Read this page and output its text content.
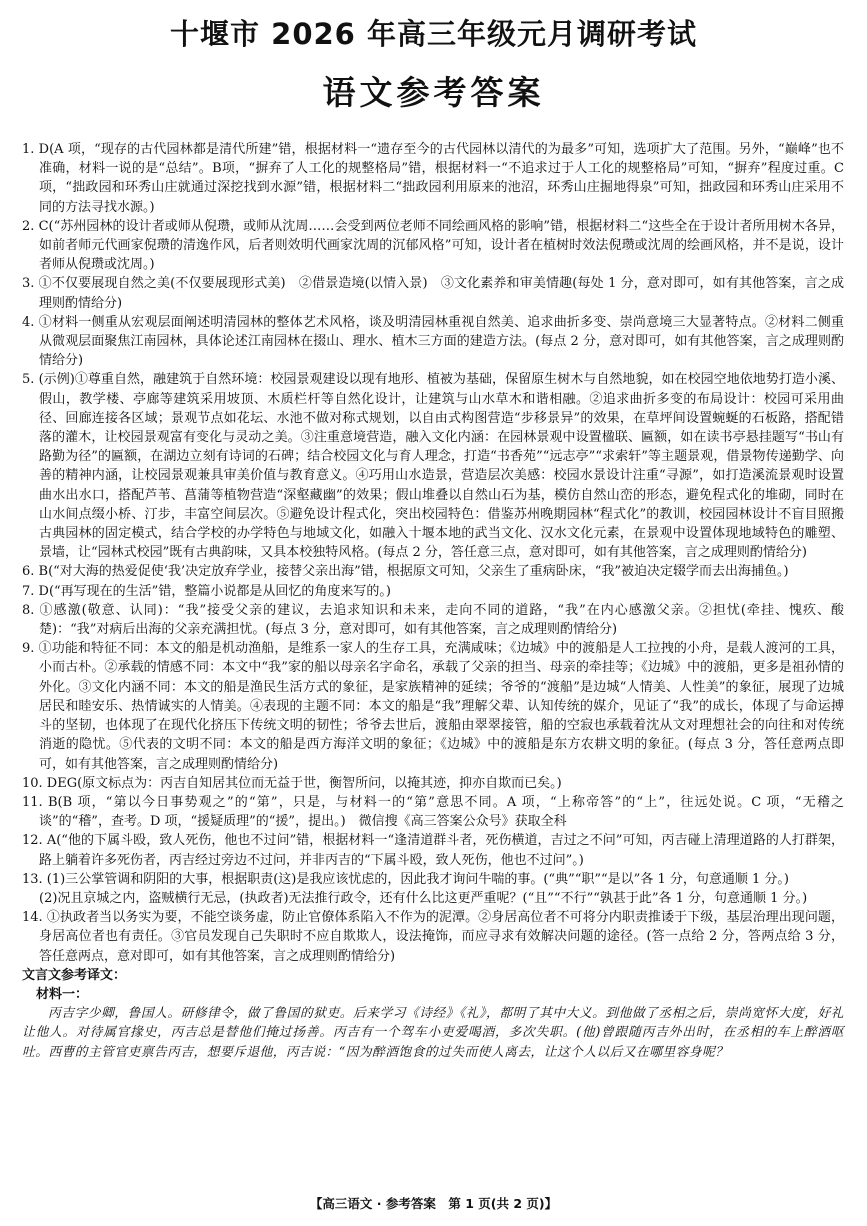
十堰市 2026 年高三年级元月调研考试
语文参考答案

1. D(A 项，“现存的古代园林都是清代所建”错，根据材料一“遗存至今的古代园林以清代的为最多”可知，选项扩大了范围。另外，“巅峰”也不准确，材料一说的是“总结”。B项，“摒弃了人工化的规整格局”错，根据材料一“不追求过于人工化的规整格局”可知，“摒弃”程度过重。C 项，“拙政园和环秀山庄就通过深挖找到水源”错，根据材料二“拙政园利用原来的池沼，环秀山庄掘地得泉”可知，拙政园和环秀山庄采用不同的方法寻找水源。)

2. C(“苏州园林的设计者或师从倪瓒，或师从沈周……会受到两位老师不同绘画风格的影响”错，根据材料二“这些全在于设计者所用树木各异，如前者师元代画家倪瓒的清逸作风，后者则效明代画家沈周的沉郁风格”可知，设计者在植树时效法倪瓒或沈周的绘画风格，并不是说，设计者师从倪瓒或沈周。)

3. ①不仅要展现自然之美(不仅要展现形式美)　②借景造境(以情入景)　③文化素养和审美情趣(每处 1 分，意对即可，如有其他答案，言之成理则酌情给分)

4. ①材料一侧重从宏观层面阐述明清园林的整体艺术风格，谈及明清园林重视自然美、追求曲折多变、崇尚意境三大显著特点。②材料二侧重从微观层面聚焦江南园林，具体论述江南园林在掇山、理水、植木三方面的建造方法。(每点 2 分，意对即可，如有其他答案，言之成理则酌情给分)

5. (示例)①尊重自然，融建筑于自然环境：校园景观建设以现有地形、植被为基础，保留原生树木与自然地貌，如在校园空地依地势打造小溪、假山，教学楼、亭廊等建筑采用坡顶、木质栏杆等自然化设计，让建筑与山水草木和谐相融。②追求曲折多变的布局设计：校园可采用曲径、回廊连接各区域；景观节点如花坛、水池不做对称式规划，以自由式构图营造“步移景异”的效果，在草坪间设置蜿蜒的石板路，搭配错落的灌木，让校园景观富有变化与灵动之美。③注重意境营造，融入文化内涵：在园林景观中设置楹联、匾额，如在读书亭悬挂题写“书山有路勤为径”的匾额，在湖边立刻有诗词的石碑；结合校园文化与育人理念，打造“书香苑”“远志亭”“求索轩”等主题景观，借景物传递勤学、向善的精神内涵，让校园景观兼具审美价值与教育意义。④巧用山水造景，营造层次美感：校园水景设计注重“寻源”，如打造溪流景观时设置曲水出水口，搭配芦苇、菖蒲等植物营造“深壑藏幽”的效果；假山堆叠以自然山石为基，模仿自然山峦的形态，避免程式化的堆砌，同时在山水间点缀小桥、汀步，丰富空间层次。⑤避免设计程式化，突出校园特色：借鉴苏州晚期园林“程式化”的教训，校园园林设计不盲目照搬古典园林的固定模式，结合学校的办学特色与地域文化，如融入十堰本地的武当文化、汉水文化元素，在景观中设置体现地域特色的雕塑、景墙，让“园林式校园”既有古典韵味，又具本校独特风格。(每点 2 分，答任意三点，意对即可，如有其他答案，言之成理则酌情给分)

6. B(“对大海的热爱促使‘我’决定放弃学业，接替父亲出海”错，根据原文可知，父亲生了重病卧床，“我”被迫决定辍学而去出海捕鱼。)

7. D(“再写现在的生活”错，整篇小说都是从回忆的角度来写的。)

8. ①感激(敬意、认同)：“我”接受父亲的建议，去追求知识和未来，走向不同的道路，“我”在内心感激父亲。②担忧(牵挂、愧疚、酸楚)：“我”对病后出海的父亲充满担忧。(每点 3 分，意对即可，如有其他答案，言之成理则酌情给分)

9. ①功能和特征不同：本文的船是机动渔船，是维系一家人的生存工具，充满咸味；《边城》中的渡船是人工拉拽的小舟，是载人渡河的工具，小而古朴。②承载的情感不同：本文中“我”家的船以母亲名字命名，承载了父亲的担当、母亲的牵挂等；《边城》中的渡船，更多是祖孙情的外化。③文化内涵不同：本文的船是渔民生活方式的象征，是家族精神的延续；爷爷的“渡船”是边城“人情美、人性美”的象征，展现了边城居民和睦安乐、热情诚实的人情美。④表现的主题不同：本文的船是“我”理解父辈、认知传统的媒介，见证了“我”的成长，体现了与命运搏斗的坚韧，也体现了在现代化挤压下传统文明的韧性；爷爷去世后，渡船由翠翠接管，船的空寂也承载着沈从文对理想社会的向往和对传统消逝的隐忧。⑤代表的文明不同：本文的船是西方海洋文明的象征；《边城》中的渡船是东方农耕文明的象征。(每点 3 分，答任意两点即可，如有其他答案，言之成理则酌情给分)

10. DEG(原文标点为：丙吉自知居其位而无益于世，衡智所问，以掩其迹，抑亦自欺而已矣。)

11. B(B 项，“第以今日事势观之”的“第”，只是，与材料一的“第”意思不同。A 项，“上称帝答”的“上”，往远处说。C 项，“无稽之谈”的“稽”，查考。D 项，“援疑质理”的“援”，提出。)　微信搜《高三答案公众号》获取全科

12. A(“他的下属斗殴，致人死伤，他也不过问”错，根据材料一“逢清道群斗者，死伤横道，吉过之不问”可知，丙吉碰上清理道路的人打群架，路上躺着许多死伤者，丙吉经过旁边不过问，并非丙吉的“下属斗殴，致人死伤，他也不过问”。)

13. (1)三公掌管调和阴阳的大事，根据职责(这)是我应该忧虑的，因此我才询问牛喘的事。(“典”“职”“是以”各 1 分，句意通顺 1 分。)

(2)况且京城之内，盗贼横行无忌，(执政者)无法推行政令，还有什么比这更严重呢？(“且”“不行”“孰甚于此”各 1 分，句意通顺 1 分。)

14. ①执政者当以务实为要，不能空谈务虚，防止官僚体系陷入不作为的泥潭。②身居高位者不可将分内职责推诿于下级，基层治理出现问题，身居高位者也有责任。③官员发现自己失职时不应自欺欺人，设法掩饰，而应寻求有效解决问题的途径。(答一点给 2 分，答两点给 3 分，答任意两点，意对即可，如有其他答案，言之成理则酌情给分)

文言文参考译文：

材料一：

丙吉字少卿，鲁国人。研修律令，做了鲁国的狱吏。后来学习《诗经》《礼》，都明了其中大义。到他做了丞相之后，崇尚宽怀大度，好礼让他人。对待属官掾史，丙吉总是替他们掩过扬善。丙吉有一个驾车小吏爱喝酒，多次失职。(他)曾跟随丙吉外出时，在丞相的车上醉酒呕吐。西曹的主管官吏禀告丙吉，想要斥退他，丙吉说：“因为醉酒饱食的过失而使人离去，让这个人以后又在哪里容身呢？

【高三语文 · 参考答案　第 1 页(共 2 页)】
